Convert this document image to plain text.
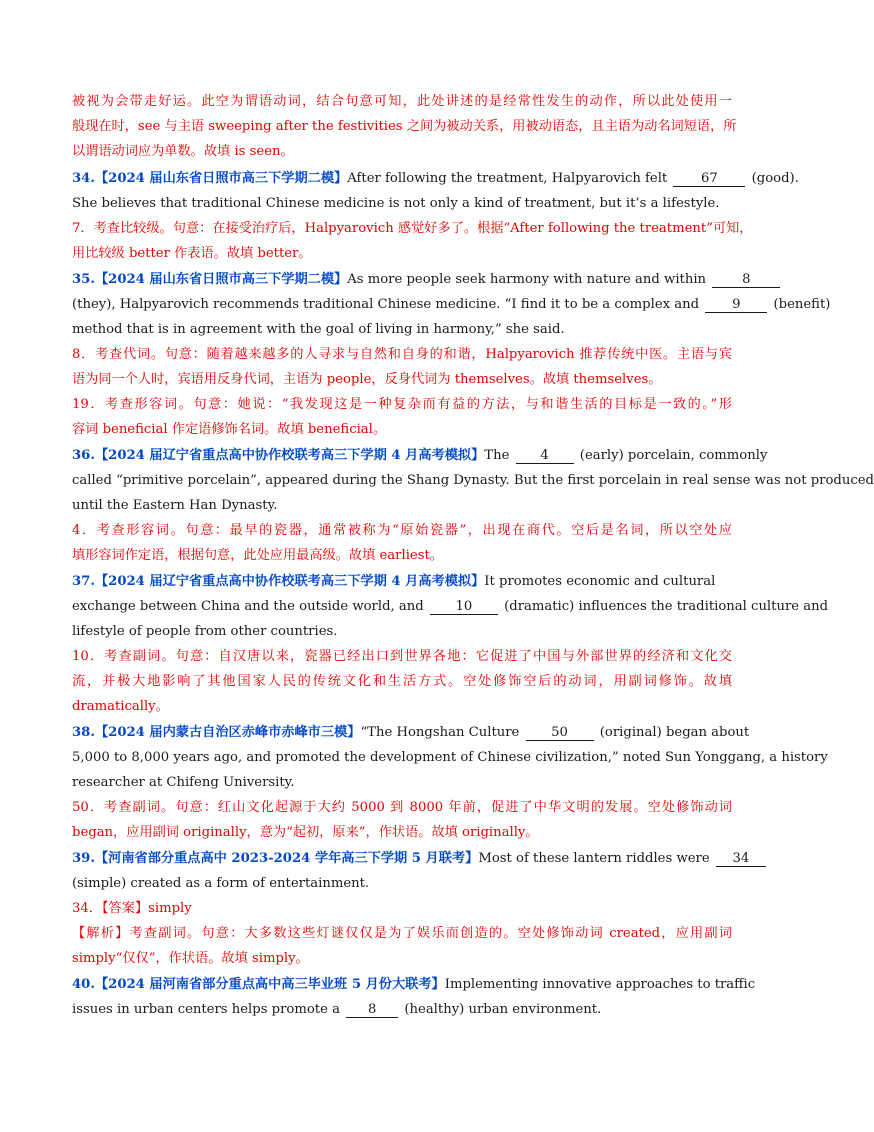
被视为会带走好运。此空为谓语动词，结合句意可知，此处讲述的是经常性发生的动作，所以此处使用一
般现在时，see 与主语 sweeping after the festivities 之间为被动关系，用被动语态，且主语为动名词短语，所
以谓语动词应为单数。故填 is seen。
34.【2024 届山东省日照市高三下学期二模】After following the treatment, Halpyarovich felt	67	(good).
She believes that traditional Chinese medicine is not only a kind of treatment, but it’s a lifestyle.
7．考查比较级。句意：在接受治疗后，Halpyarovich 感觉好多了。根据“After following the treatment”可知，
用比较级 better 作表语。故填 better。
35.【2024 届山东省日照市高三下学期二模】As more people seek harmony with nature and within	8
(they), Halpyarovich recommends traditional Chinese medicine. “I find it to be a complex and	9	(benefit)
method that is in agreement with the goal of living in harmony,” she said.
8．考查代词。句意：随着越来越多的人寻求与自然和自身的和谐，Halpyarovich 推荐传统中医。主语与宾
语为同一个人时，宾语用反身代词，主语为 people，反身代词为 themselves。故填 themselves。
19．考查形容词。句意：她说：“我发现这是一种复杂而有益的方法，与和谐生活的目标是一致的。”形
容词 beneficial 作定语修饰名词。故填 beneficial。
36.【2024 届辽宁省重点高中协作校联考高三下学期 4 月高考模拟】The 4 (early) porcelain, commonly
called “primitive porcelain”, appeared during the Shang Dynasty. But the first porcelain in real sense was not produced
until the Eastern Han Dynasty.
4．考查形容词。句意：最早的瓷器，通常被称为“原始瓷器”，出现在商代。空后是名词，所以空处应
填形容词作定语，根据句意，此处应用最高级。故填 earliest。
37.【2024 届辽宁省重点高中协作校联考高三下学期 4 月高考模拟】It promotes economic and cultural
exchange between China and the outside world, and 10 (dramatic) influences the traditional culture and
lifestyle of people from other countries.
10．考查副词。句意：自汉唐以来，瓷器已经出口到世界各地：它促进了中国与外部世界的经济和文化交
流，并极大地影响了其他国家人民的传统文化和生活方式。空处修饰空后的动词，用副词修饰。故填
dramatically。
38.【2024 届内蒙古自治区赤峰市赤峰市三模】“The Hongshan Culture 50 (original) began about
5,000 to 8,000 years ago, and promoted the development of Chinese civilization,” noted Sun Yonggang, a history
researcher at Chifeng University.
50．考查副词。句意：红山文化起源于大约 5000 到 8000 年前，促进了中华文明的发展。空处修饰动词
began，应用副词 originally，意为“起初，原来”，作状语。故填 originally。
39.【河南省部分重点高中 2023-2024 学年高三下学期 5 月联考】Most of these lantern riddles were 34
(simple) created as a form of entertainment.
34．【答案】simply
【解析】考查副词。句意：大多数这些灯谜仅仅是为了娱乐而创造的。空处修饰动词 created，应用副词
simply“仅仅”，作状语。故填 simply。
40.【2024 届河南省部分重点高中高三毕业班 5 月份大联考】Implementing innovative approaches to traffic
issues in urban centers helps promote a 8 (healthy) urban environment.
